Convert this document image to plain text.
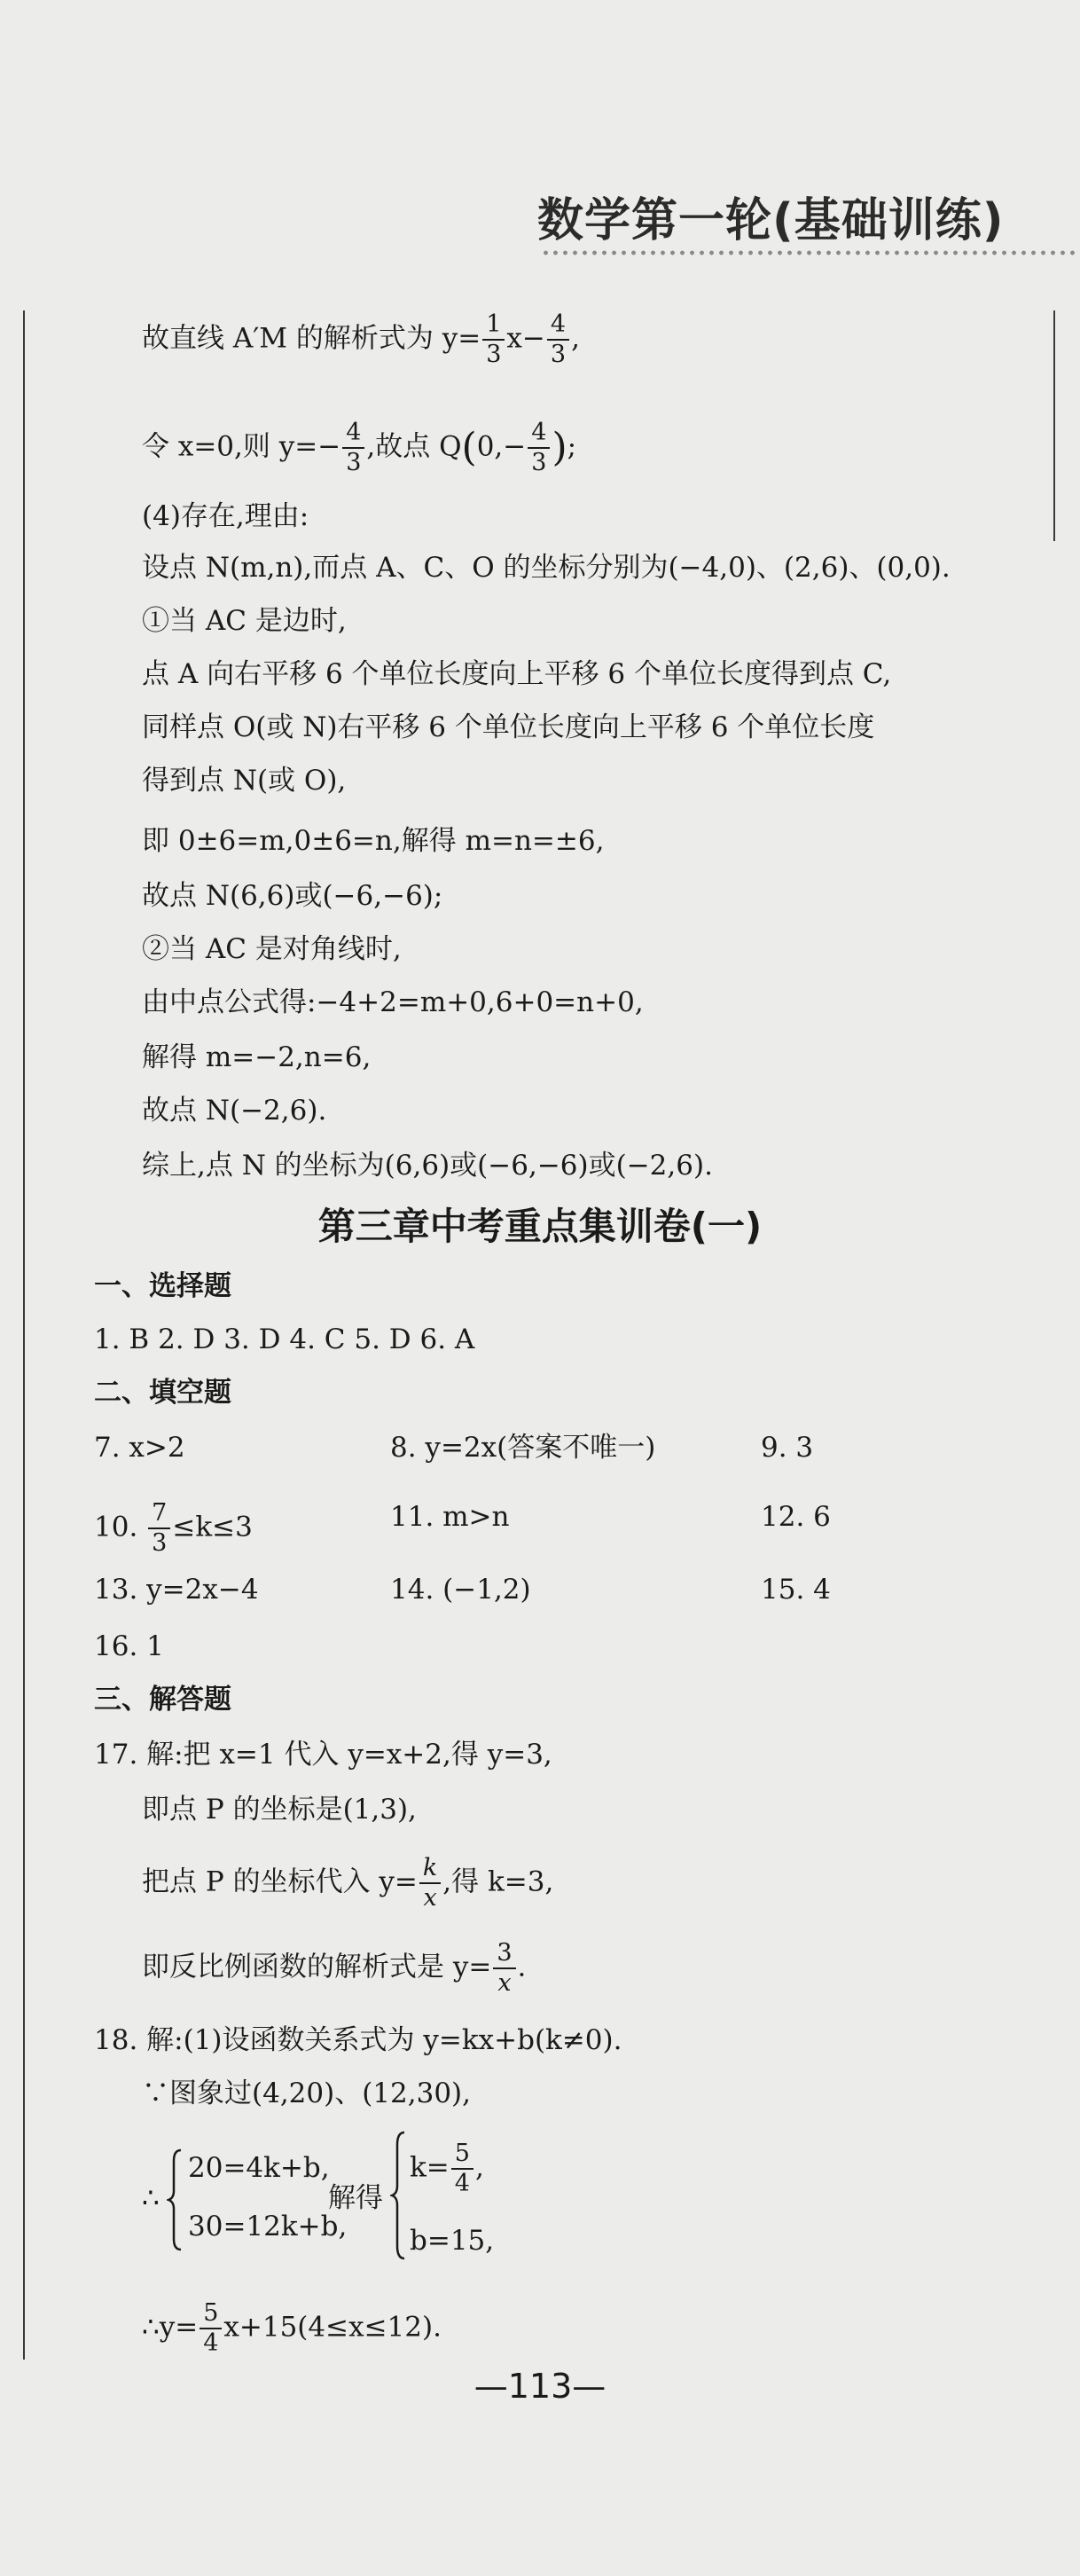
数学第一轮(基础训练)
故直线 A′M 的解析式为 $y= \frac{1}{3} x- \frac{4}{3}$ ,
令 x=0,则 $y=- \frac{4}{3}$ ,故点 $Q(0,- \frac{4}{3}$ );
(4)存在,理由:
设点 N(m,n),而点 A、C、O 的坐标分别为(−4,0)、(2,6)、(0,0).
①当 AC 是边时,
点 A 向右平移 6 个单位长度向上平移 6 个单位长度得到点 C,
同样点 O(或 N)右平移 6 个单位长度向上平移 6 个单位长度
得到点 N(或 O),
即 0±6=m,0±6=n,解得 m=n=±6,
故点 N(6,6)或(−6,−6);
②当 AC 是对角线时,
由中点公式得:−4+2=m+0,6+0=n+0,
解得 m=−2,n=6,
故点 N(−2,6).
综上,点 N 的坐标为(6,6)或(−6,−6)或(−2,6).
第三章中考重点集训卷(一)
一、选择题
1. B 2. D 3. D 4. C 5. D 6. A
二、填空题
7. x>2	8. y=2x(答案不唯一)	9. 3
10. $\frac{7}{3} \le k\le 3$	11. m>n	12. 6
13. y=2x−4	14. (−1,2)	15. 4
16. 1
三、解答题
17. 解:把 x=1 代入 y=x+2,得 y=3,
即点 P 的坐标是(1,3),
把点 P 的坐标代入 $y= \frac{k}{x}$ ,得 k=3,
即反比例函数的解析式是 $y= \frac{3}{x}$ .
18. 解:(1)设函数关系式为 y=kx+b(k≠0).
∵图象过(4,20)、(12,30),
∴
20=4k+b,
30=12k+b,
解得
$k= \frac{5}{4}$ ,
b=15,
∴y= $\frac{5}{4} x+15(4\le x\le 12)$.
—113—
